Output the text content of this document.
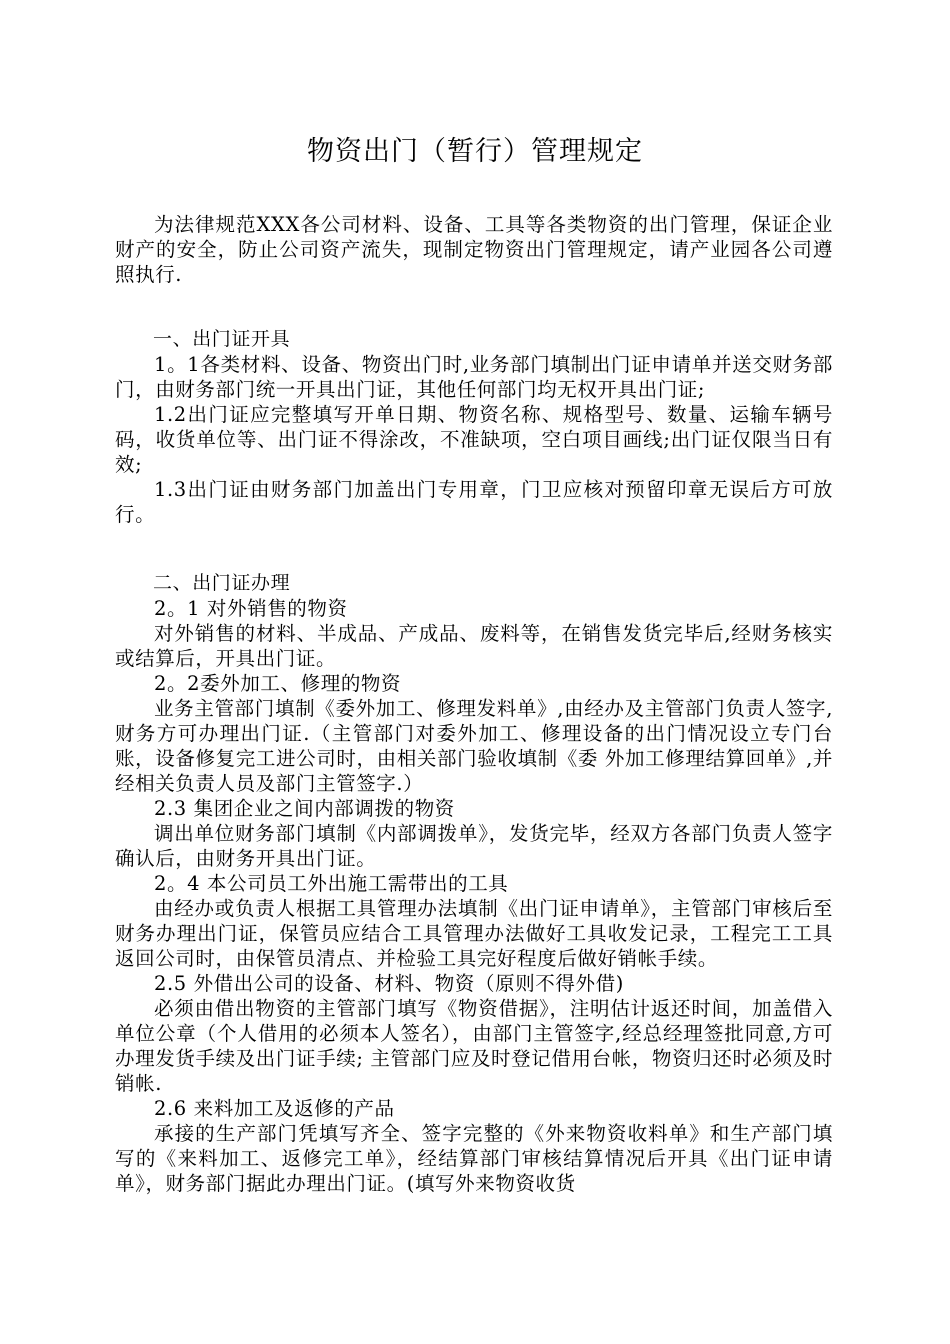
物资出门（暂行）管理规定

为法律规范XXX各公司材料、设备、工具等各类物资的出门管理，保证企业财产的安全，防止公司资产流失，现制定物资出门管理规定，请产业园各公司遵照执行.

一、出门证开具

1。1各类材料、设备、物资出门时,业务部门填制出门证申请单并送交财务部门，由财务部门统一开具出门证，其他任何部门均无权开具出门证;

1.2出门证应完整填写开单日期、物资名称、规格型号、数量、运输车辆号码，收货单位等、出门证不得涂改，不准缺项，空白项目画线;出门证仅限当日有效;

1.3出门证由财务部门加盖出门专用章，门卫应核对预留印章无误后方可放行。

二、出门证办理

2。1 对外销售的物资

对外销售的材料、半成品、产成品、废料等，在销售发货完毕后,经财务核实或结算后，开具出门证。

2。2委外加工、修理的物资

业务主管部门填制《委外加工、修理发料单》,由经办及主管部门负责人签字,财务方可办理出门证.（主管部门对委外加工、修理设备的出门情况设立专门台账，设备修复完工进公司时，由相关部门验收填制《委 外加工修理结算回单》,并经相关负责人员及部门主管签字.）

2.3 集团企业之间内部调拨的物资

调出单位财务部门填制《内部调拨单》，发货完毕，经双方各部门负责人签字确认后，由财务开具出门证。

2。4 本公司员工外出施工需带出的工具

由经办或负责人根据工具管理办法填制《出门证申请单》，主管部门审核后至财务办理出门证，保管员应结合工具管理办法做好工具收发记录，工程完工工具返回公司时，由保管员清点、并检验工具完好程度后做好销帐手续。

2.5 外借出公司的设备、材料、物资（原则不得外借)

必须由借出物资的主管部门填写《物资借据》，注明估计返还时间，加盖借入单位公章（个人借用的必须本人签名），由部门主管签字,经总经理签批同意,方可办理发货手续及出门证手续; 主管部门应及时登记借用台帐，物资归还时必须及时销帐.

2.6 来料加工及返修的产品

承接的生产部门凭填写齐全、签字完整的《外来物资收料单》和生产部门填写的《来料加工、返修完工单》，经结算部门审核结算情况后开具《出门证申请单》，财务部门据此办理出门证。(填写外来物资收货
